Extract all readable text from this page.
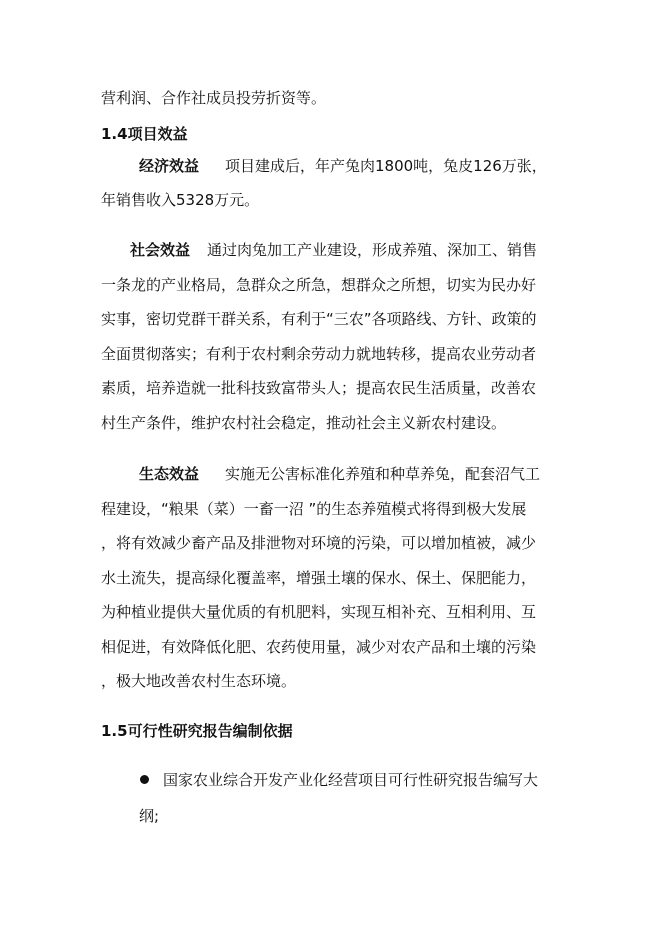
营利润、合作社成员投劳折资等。
1.4项目效益
经济效益 项目建成后，年产兔肉1800吨，兔皮126万张，
年销售收入5328万元。
社会效益 通过肉兔加工产业建设，形成养殖、深加工、销售
一条龙的产业格局，急群众之所急，想群众之所想，切实为民办好
实事，密切党群干群关系，有利于“三农”各项路线、方针、政策的
全面贯彻落实；有利于农村剩余劳动力就地转移，提高农业劳动者
素质，培养造就一批科技致富带头人；提高农民生活质量，改善农
村生产条件，维护农村社会稳定，推动社会主义新农村建设。
生态效益 实施无公害标准化养殖和种草养兔，配套沼气工
程建设，“粮果（菜）一畜一沼 ”的生态养殖模式将得到极大发展
，将有效减少畜产品及排泄物对环境的污染，可以增加植被，减少
水土流失，提高绿化覆盖率，增强土壤的保水、保土、保肥能力，
为种植业提供大量优质的有机肥料，实现互相补充、互相利用、互
相促进，有效降低化肥、农药使用量，减少对农产品和土壤的污染
，极大地改善农村生态环境。
1.5可行性研究报告编制依据
国家农业综合开发产业化经营项目可行性研究报告编写大
纲;
